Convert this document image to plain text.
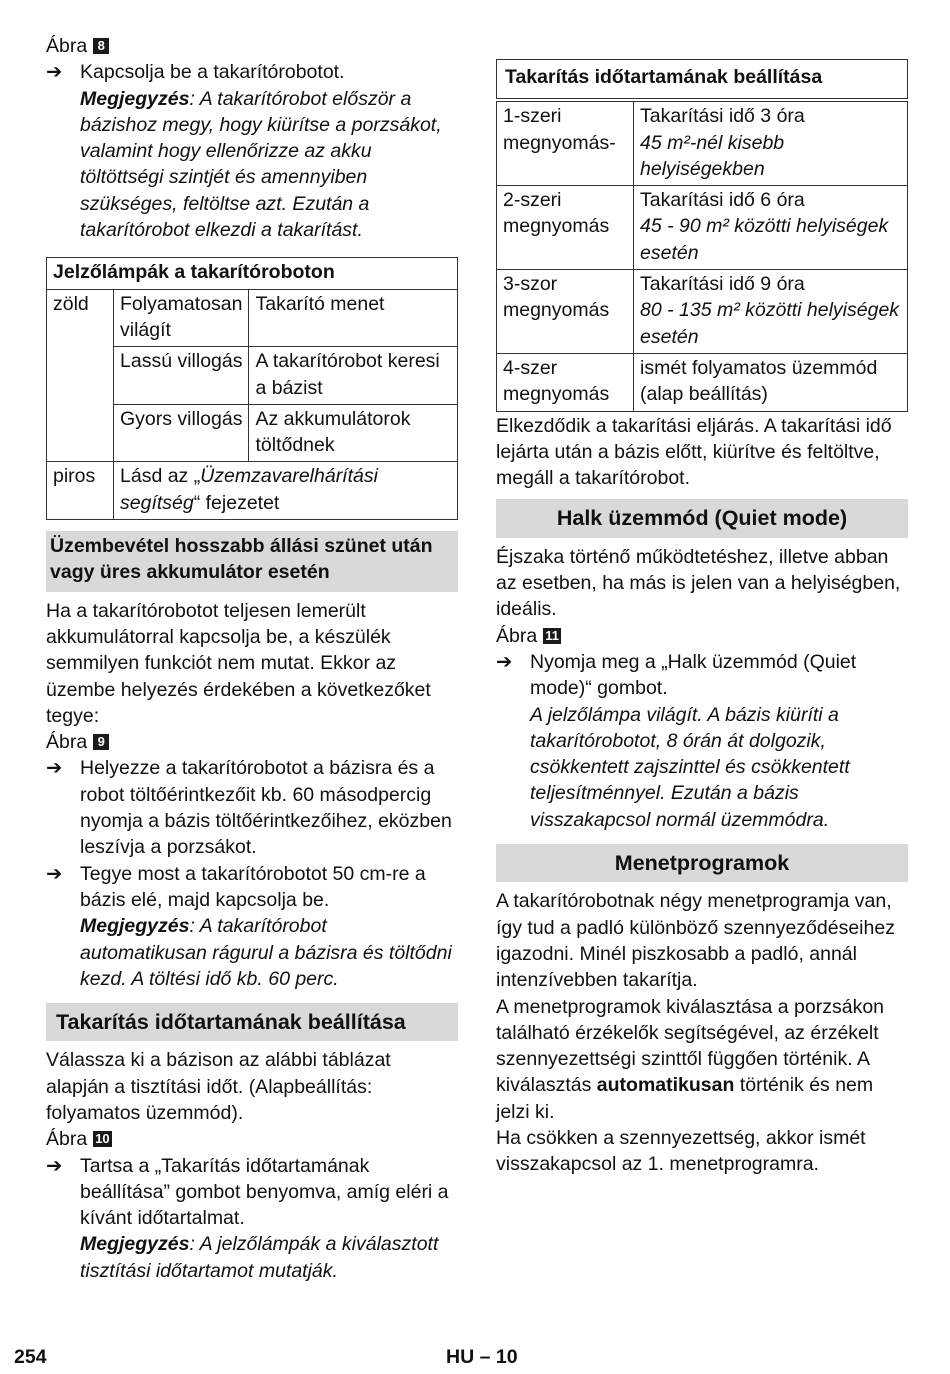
Ábra 8

➔ Kapcsolja be a takarítórobotot.

Megjegyzés: A takarítórobot először a bázishoz megy, hogy kiürítse a porzsákot, valamint hogy ellenőrizze az akku töltöttségi szintjét és amennyiben szükséges, feltöltse azt. Ezután a takarítórobot elkezdi a takarítást.

Jelzőlámpák a takarítóroboton		
zöld	Folyamatosan világít	Takarító menet
	Lassú villogás	A takarítórobot keresi a bázist
	Gyors villogás	Az akkumulátorok töltődnek
piros	Lásd az „Üzemzavarelhárítási segítség“ fejezetet	
Üzembevétel hosszabb állási szünet után vagy üres akkumulátor esetén

Ha a takarítórobotot teljesen lemerült akkumulátorral kapcsolja be, a készülék semmilyen funkciót nem mutat. Ekkor az üzembe helyezés érdekében a következőket tegye:

Ábra 9

➔ Helyezze a takarítórobotot a bázisra és a robot töltőérintkezőit kb. 60 másodpercig nyomja a bázis töltőérintkezőihez, eközben leszívja a porzsákot.

➔ Tegye most a takarítórobotot 50 cm-re a bázis elé, majd kapcsolja be.

Megjegyzés: A takarítórobot automatikusan rágurul a bázisra és töltődni kezd. A töltési idő kb. 60 perc.

Takarítás időtartamának beállítása

Válassza ki a bázison az alábbi táblázat alapján a tisztítási időt. (Alapbeállítás: folyamatos üzemmód).

Ábra 10

➔ Tartsa a „Takarítás időtartamának beállítása” gombot benyomva, amíg eléri a kívánt időtartalmat.

Megjegyzés: A jelzőlámpák a kiválasztott tisztítási időtartamot mutatják.

Takarítás időtartamának beállítása	
1-szeri megnyomás-	Takarítási idő 3 óra
45 m²-nél kisebb helyiségekben

2-szeri megnyomás	Takarítási idő 6 óra
45 - 90 m² közötti helyiségek esetén

3-szor megnyomás	Takarítási idő 9 óra
80 - 135 m² közötti helyiségek esetén

4-szer megnyomás	ismét folyamatos üzemmód (alap beállítás)

Elkezdődik a takarítási eljárás. A takarítási idő lejárta után a bázis előtt, kiürítve és feltöltve, megáll a takarítórobot.

Halk üzemmód (Quiet mode)

Éjszaka történő működtetéshez, illetve abban az esetben, ha más is jelen van a helyiségben, ideális.

Ábra 11

➔ Nyomja meg a „Halk üzemmód (Quiet mode)“ gombot.

A jelzőlámpa világít. A bázis kiüríti a takarítórobotot, 8 órán át dolgozik, csökkentett zajszinttel és csökkentett teljesítménnyel. Ezután a bázis visszakapcsol normál üzemmódra.

Menetprogramok

A takarítórobotnak négy menetprogramja van, így tud a padló különböző szennyeződéseihez igazodni. Minél piszkosabb a padló, annál intenzívebben takarítja.

A menetprogramok kiválasztása a porzsákon található érzékelők segítségével, az érzékelt szennyezettségi szinttől függően történik. A kiválasztás automatikusan történik és nem jelzi ki.

Ha csökken a szennyezettség, akkor ismét visszakapcsol az 1. menetprogramra.

254	HU – 10
